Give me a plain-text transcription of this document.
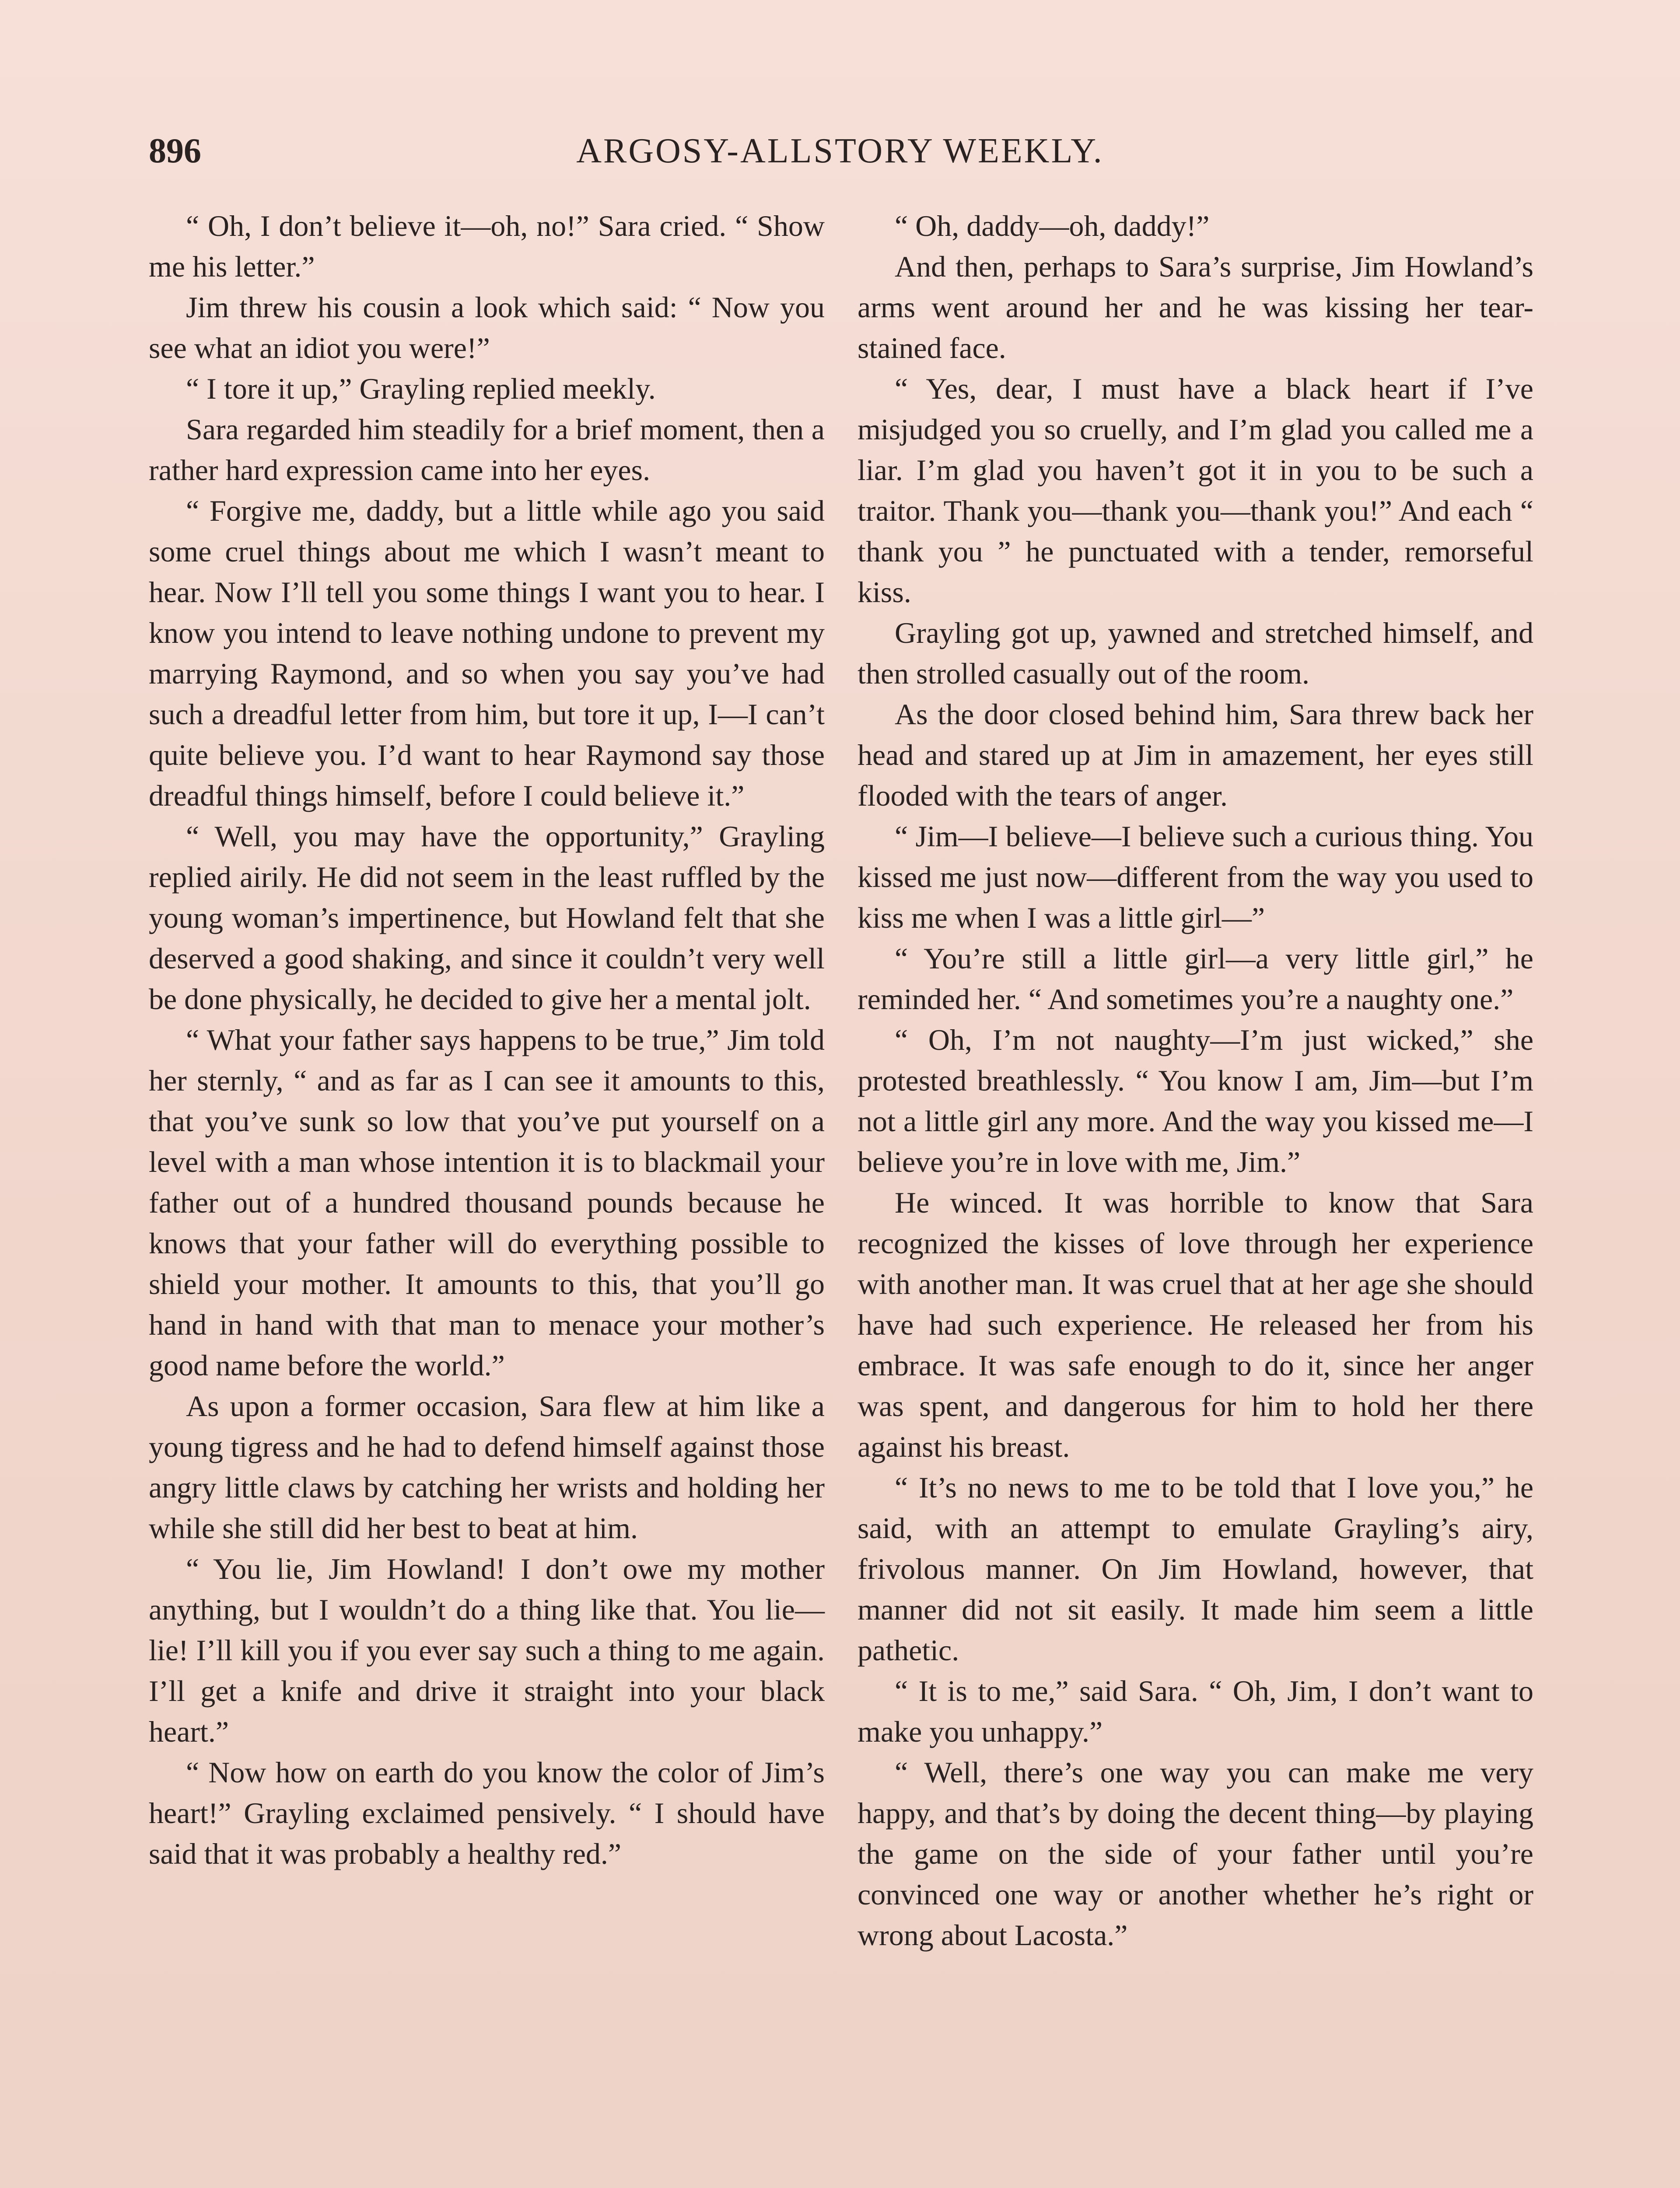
896	ARGOSY-ALLSTORY WEEKLY.

“ Oh, I don’t believe it—oh, no!” Sara cried. “ Show me his letter.”

Jim threw his cousin a look which said: “ Now you see what an idiot you were!”

“ I tore it up,” Grayling replied meekly.

Sara regarded him steadily for a brief moment, then a rather hard expression came into her eyes.

“ Forgive me, daddy, but a little while ago you said some cruel things about me which I wasn’t meant to hear. Now I’ll tell you some things I want you to hear. I know you intend to leave nothing undone to prevent my marrying Raymond, and so when you say you’ve had such a dreadful letter from him, but tore it up, I—I can’t quite believe you. I’d want to hear Raymond say those dreadful things himself, before I could believe it.”

“ Well, you may have the opportunity,” Grayling replied airily. He did not seem in the least ruffled by the young woman’s impertinence, but Howland felt that she deserved a good shaking, and since it couldn’t very well be done physically, he decided to give her a mental jolt.

“ What your father says happens to be true,” Jim told her sternly, “ and as far as I can see it amounts to this, that you’ve sunk so low that you’ve put yourself on a level with a man whose intention it is to blackmail your father out of a hundred thousand pounds because he knows that your father will do everything possible to shield your mother. It amounts to this, that you’ll go hand in hand with that man to menace your mother’s good name before the world.”

As upon a former occasion, Sara flew at him like a young tigress and he had to defend himself against those angry little claws by catching her wrists and holding her while she still did her best to beat at him.

“ You lie, Jim Howland! I don’t owe my mother anything, but I wouldn’t do a thing like that. You lie—lie! I’ll kill you if you ever say such a thing to me again. I’ll get a knife and drive it straight into your black heart.”

“ Now how on earth do you know the color of Jim’s heart!” Grayling exclaimed pensively. “ I should have said that it was probably a healthy red.”

“ Oh, daddy—oh, daddy!”

And then, perhaps to Sara’s surprise, Jim Howland’s arms went around her and he was kissing her tear-stained face.

“ Yes, dear, I must have a black heart if I’ve misjudged you so cruelly, and I’m glad you called me a liar. I’m glad you haven’t got it in you to be such a traitor. Thank you—thank you—thank you!” And each “ thank you ” he punctuated with a tender, remorseful kiss.

Grayling got up, yawned and stretched himself, and then strolled casually out of the room.

As the door closed behind him, Sara threw back her head and stared up at Jim in amazement, her eyes still flooded with the tears of anger.

“ Jim—I believe—I believe such a curious thing. You kissed me just now—different from the way you used to kiss me when I was a little girl—”

“ You’re still a little girl—a very little girl,” he reminded her. “ And sometimes you’re a naughty one.”

“ Oh, I’m not naughty—I’m just wicked,” she protested breathlessly. “ You know I am, Jim—but I’m not a little girl any more. And the way you kissed me—I believe you’re in love with me, Jim.”

He winced. It was horrible to know that Sara recognized the kisses of love through her experience with another man. It was cruel that at her age she should have had such experience. He released her from his embrace. It was safe enough to do it, since her anger was spent, and dangerous for him to hold her there against his breast.

“ It’s no news to me to be told that I love you,” he said, with an attempt to emulate Grayling’s airy, frivolous manner. On Jim Howland, however, that manner did not sit easily. It made him seem a little pathetic.

“ It is to me,” said Sara. “ Oh, Jim, I don’t want to make you unhappy.”

“ Well, there’s one way you can make me very happy, and that’s by doing the decent thing—by playing the game on the side of your father until you’re convinced one way or another whether he’s right or wrong about Lacosta.”
